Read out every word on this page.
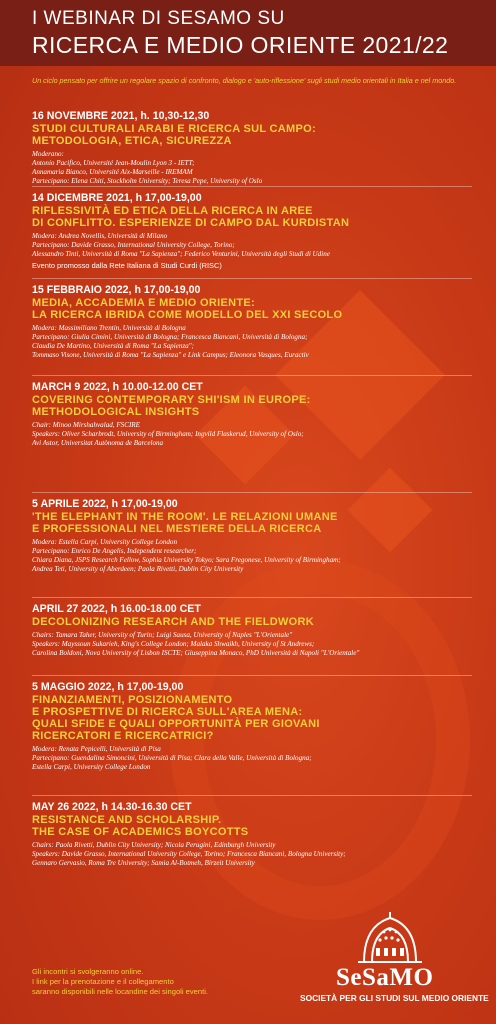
I WEBINAR DI SESAMO SU
RICERCA E MEDIO ORIENTE 2021/22
Un ciclo pensato per offrire un regolare spazio di confronto, dialogo e 'auto-riflessione' sugli studi medio orientali in Italia e nel mondo.
16 NOVEMBRE 2021, h. 10,30-12,30
STUDI CULTURALI ARABI E RICERCA SUL CAMPO:
METODOLOGIA, ETICA, SICUREZZA
Moderano:
Antonio Pacifico, Université Jean-Moulin Lyon 3 - IETT;
Annamaria Bianco, Université Aix-Marseille - IREMAM
Partecipano: Elena Chiti, Stockholm University; Teresa Pepe, University of Oslo
14 DICEMBRE 2021, h 17,00-19,00
RIFLESSIVITÀ ED ETICA DELLA RICERCA IN AREE
DI CONFLITTO. ESPERIENZE DI CAMPO DAL KURDISTAN
Modera: Andrea Novellis, Università di Milano
Partecipano: Davide Grasso, International University College, Torino;
Alessandro Tinti, Università di Roma "La Sapienza"; Federico Venturini, Università degli Studi di Udine
Evento promosso dalla Rete Italiana di Studi Curdi (RISC)
15 FEBBRAIO 2022, h 17,00-19,00
MEDIA, ACCADEMIA E MEDIO ORIENTE:
LA RICERCA IBRIDA COME MODELLO DEL XXI SECOLO
Modera: Massimiliano Trentin, Università di Bologna
Partecipano: Giulia Cimini, Università di Bologna; Francesca Biancani, Università di Bologna;
Claudia De Martino, Università di Roma "La Sapienza";
Tommaso Visone, Università di Roma "La Sapienza" e Link Campus; Eleonora Vasques, Euractiv
MARCH 9 2022, h 10.00-12.00 CET
COVERING CONTEMPORARY SHI'ISM IN EUROPE:
METHODOLOGICAL INSIGHTS
Chair: Minoo Mirshahvalad, FSCIRE
Speakers: Oliver Scharbrodt, University of Birmingham; Ingvild Flaskerud, University of Oslo;
Avi Astor, Universitat Autònoma de Barcelona
5 APRILE 2022, h 17,00-19,00
'THE ELEPHANT IN THE ROOM'. LE RELAZIONI UMANE
E PROFESSIONALI NEL MESTIERE DELLA RICERCA
Modera: Estella Carpi, University College London
Partecipano: Enrico De Angelis, Independent researcher;
Chiara Diana, JSPS Research Fellow, Sophia University Tokyo; Sara Fregonese, University of Birmingham;
Andrea Teti, University of Aberdeen; Paola Rivetti, Dublin City University
APRIL 27 2022, h 16.00-18.00 CET
DECOLONIZING RESEARCH AND THE FIELDWORK
Chairs: Tamara Taher, University of Turin; Luigi Sausa, University of Naples "L'Orientale"
Speakers: Mayssoun Sukarieh, King's College London; Malaka Shwaikh, University of St Andrews;
Carolina Boldoni, Nova University of Lisbon ISCTE; Giuseppina Monaco, PhD Università di Napoli "L'Orientale"
5 MAGGIO 2022, h 17,00-19,00
FINANZIAMENTI, POSIZIONAMENTO
E PROSPETTIVE DI RICERCA SULL'AREA MENA:
QUALI SFIDE E QUALI OPPORTUNITÀ PER GIOVANI
RICERCATORI E RICERCATRICI?
Modera: Renata Pepicelli, Università di Pisa
Partecipano: Guendalina Simoncini, Università di Pisa; Clara della Valle, Università di Bologna;
Estella Carpi, University College London
MAY 26 2022, h 14.30-16.30 CET
RESISTANCE AND SCHOLARSHIP.
THE CASE OF ACADEMICS BOYCOTTS
Chairs: Paola Rivetti, Dublin City University; Nicola Perugini, Edinburgh University
Speakers: Davide Grasso, International University College, Torino; Francesca Biancani, Bologna University;
Gennaro Gervasio, Roma Tre University; Samia Al-Botmeh, Birzeit University
Gli incontri si svolgeranno online.
I link per la prenotazione e il collegamento
saranno disponibili nelle locandine dei singoli eventi.
SeSaMO
SOCIETÀ PER GLI STUDI SUL MEDIO ORIENTE
